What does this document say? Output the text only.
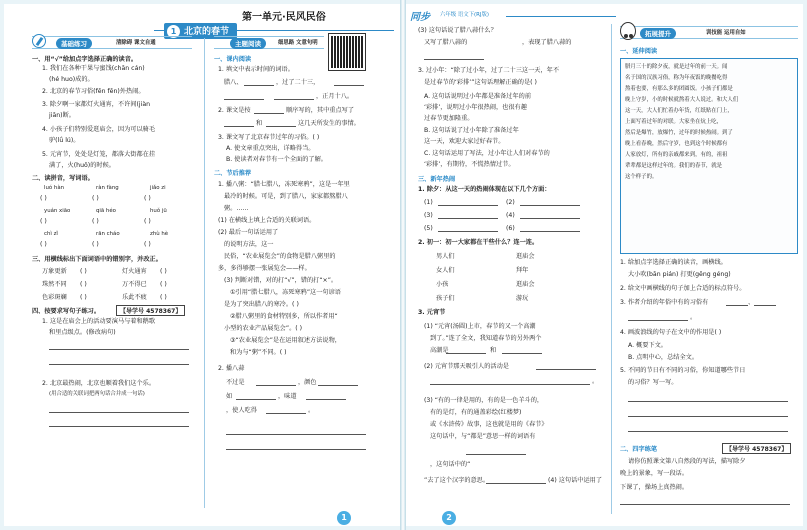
第一单元·民风民俗
1 北京的春节
基础练习	清除碍 课文自通
一、用“√”给加点字选择正确的读音。
1. 我们在各种干果与蜜饯(chān cán)
(hé huo)成的。
2. 北京的春节习俗(fēn fēn)外热闹。
3. 除夕啊一家都灯火通宵，不许间(jiàn
jiān)断。
4. 小孩子们特别爱逛庙会，因为可以骑毛
驴(lǘ lú)。
5. 元宵节，处处是灯笼，都落大街都在挂
满了，火(huǒ)的时候。
二、读拼音，写词语。
luó hàn	ràn fàng	jiǎo zi
( )	( )	( )
yuán xiāo	qiā héo	huǒ jū
( )	( )	( )
chì zǐ	rān cháo	zhù hè
( )	( )	( )
三、用横线标出下面词语中的错别字，并改正。
万象更新 ( )	灯火通宵 ( )
珠然不同 ( )	万不得已 ( )
色彩斑斓 ( )	乐此不疲 ( )
四、按要求写句子练习。	【导学号 4578367】
1. 这是在庙会上的活动要演马与着和鹅歌
和里点级点。(修改病句)
2. 北京最热闹，北京也顺着我们这个乐。
(用合适的关联词把两句话合并成一句话)
主题阅读	细思路 文意句明
一、课内阅读
1. 填文中表示时间的词语。
腊八、	，过了二十三，
，正月十八。
2. 课文是按	顺序写的，其中重点写了
和	这几天所发生的事情。
3. 课文写了北京春节过年的习俗。( )
A. 使文章重点突出，详略得当。
B. 使读者对春节有一个全面的了解。
二、节后推荐
1. 播八粥：“腊七腊八，冻死寒鸦”，这是一年里
最冷的时候。可是，到了腊八，家家都熬腊八
粥。……
(1) 在横线上填上合适的关联词语。
(2) 最后一句话运用了
的说明方法，这一
民俗，“农业展览会”的食物是腊八粥里的
多，多得够摆一张展览会——样。
(3) 判断对错，对的打“√”，错的打“×”。
①引用“腊七腊八，冻死寒鸦”这一句谚语
是为了突出腊八的寒冷。( )
②腊八粥里的食材特别多，所以作者用“
小型的农业产品展览会”。( )
③“农业展览会”是在运用叙述方法说物，
和为与“粥”不同。( )
2. 播八蒜
不过是	，颜色
如	，味道
，使人吃得	。
1
同步 六年级 语文下(RJ版)
(3) 这句话说了腊八蒜什么？
又写了腊八蒜的	，表现了腊八蒜的
3. 过小年：“除了过小年，过了二十三这一天，年不
是过春节的‘彩排’”这句话理解正确的是( )
A. 这句话说明过小年都是准备过年的前
‘彩排’，说明过小年很热闹，也很有趣
过春节更加隆重。
B. 这句话说了过小年除了准备过年
这一天，欢迎大家过好春节。
C. 这句话运用了写法，过小年让人们对春节的
‘彩排’，有期待，不慌热情过节。
三、新年热闹
1. 除夕：从这一天的热闹体现在以下几个方面：
(1)	(2)
(3)	(4)
(5)	(6)
2. 初一：初一大家都在干些什么？连一连。
男人们	逛庙会
女人们	拜年
小孩	逛庙会
孩子们	游玩
3. 元宵节
(1) “元宵(汤圆)上市，春节的又一个高潮
到了。”连了全文，我知道春节的另外两个
高潮是	和
(2) 元宵节那天吸引人的活动是
。
(3) “有的一律是用的，有的是一色羊斗的，
有的是灯，有的通盖彩绘(红楼梦)
或《水浒传》故事，这也就是用的《春节》
这句话中，与“都是”意思一样的词语有
，这句话中的“
”去了这个汉字的意思。	(4) 这句话中运用了
2
拓展提升	训技能 运用自如
一、延伸阅读
腊月三十的除夕夜，就是过年的前一天。闻
名于国的汉族习俗，称为年夜饭的晚餐吃得
熬着也要，有那么多的团圆饭。小孩子们都是
晚上守岁，小的时候就熬着大人说过。和大人们
这一天，大人们忙着办年货，红纸贴在门上，
上面写着过年的对联。大家坐在炕上吃，
然后是爆竹，放爆竹，过年的时候热闹。到了
晚上看春晚，然后守岁，也到这个时候都有
人家放灯，所有的亲戚都来到，有的，祖祖
辈辈都是这样过年的。我们的春节，就是
这个样子的。
1. 给加点字选择正确的读音，画横线。
大小吹(bān pián) 打更(gēng géng)
2. 给文中画横线的句子加上合适的标点符号。
3. 作者介绍的年俗中有的习俗有	、
。
4. 画波浪线的句子在文中的作用是( )
A. 概要下文。
B. 点明中心，总结全文。
5. 不同的节日有不同的习俗，你知道哪些节日
的习俗？写一写。
二、四字练笔	【导学号 4578367】
请你仿照课文第八自然段的写法，描写除夕
晚上的景象，写一段话。
下课了，操场上真热闹。
